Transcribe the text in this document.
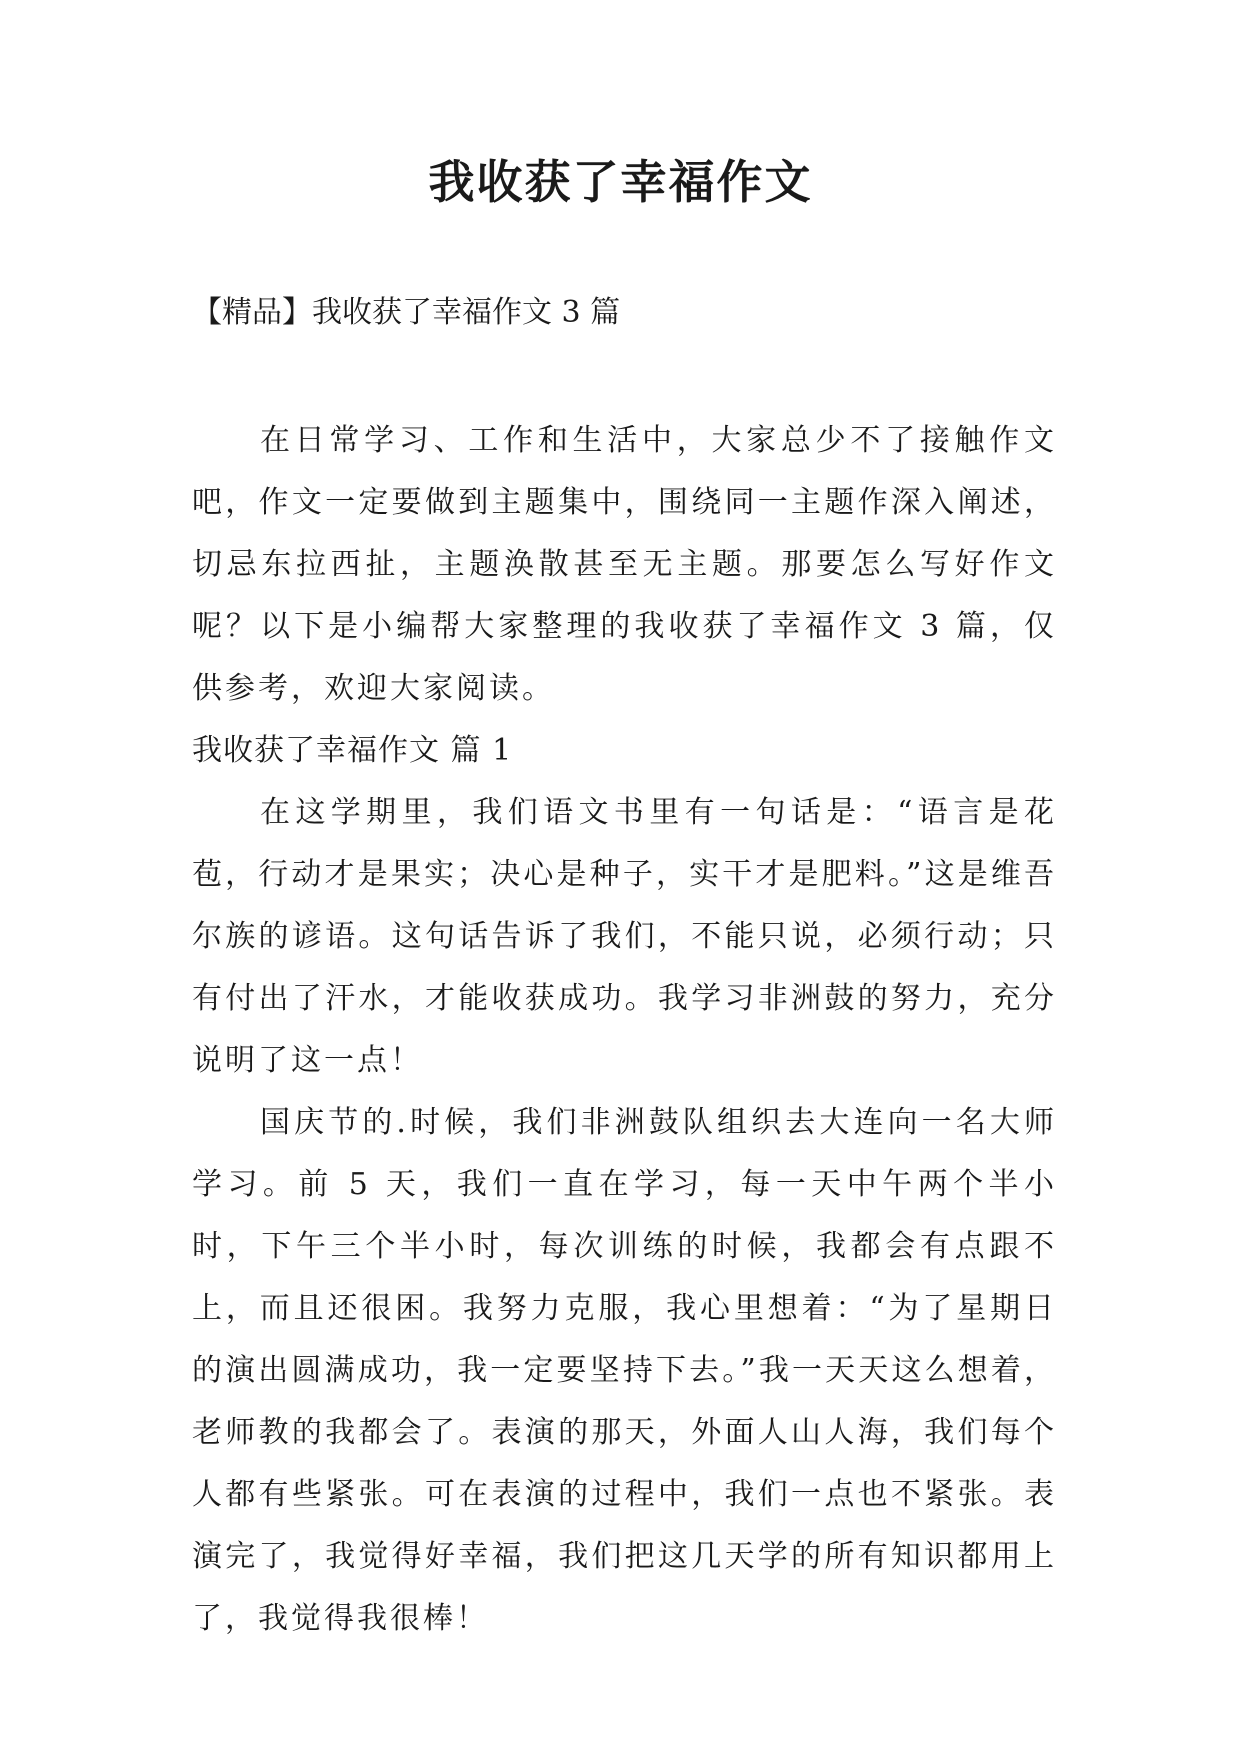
我收获了幸福作文

【精品】我收获了幸福作文 3 篇

在日常学习、工作和生活中，大家总少不了接触作文吧，作文一定要做到主题集中，围绕同一主题作深入阐述，切忌东拉西扯，主题涣散甚至无主题。那要怎么写好作文呢？以下是小编帮大家整理的我收获了幸福作文 3 篇，仅供参考，欢迎大家阅读。

我收获了幸福作文 篇 1

在这学期里，我们语文书里有一句话是：“语言是花苞，行动才是果实；决心是种子，实干才是肥料。”这是维吾尔族的谚语。这句话告诉了我们，不能只说，必须行动；只有付出了汗水，才能收获成功。我学习非洲鼓的努力，充分说明了这一点！

国庆节的.时候，我们非洲鼓队组织去大连向一名大师学习。前 5 天，我们一直在学习，每一天中午两个半小时，下午三个半小时，每次训练的时候，我都会有点跟不上，而且还很困。我努力克服，我心里想着：“为了星期日的演出圆满成功，我一定要坚持下去。”我一天天这么想着，老师教的我都会了。表演的那天，外面人山人海，我们每个人都有些紧张。可在表演的过程中，我们一点也不紧张。表演完了，我觉得好幸福，我们把这几天学的所有知识都用上了，我觉得我很棒！
